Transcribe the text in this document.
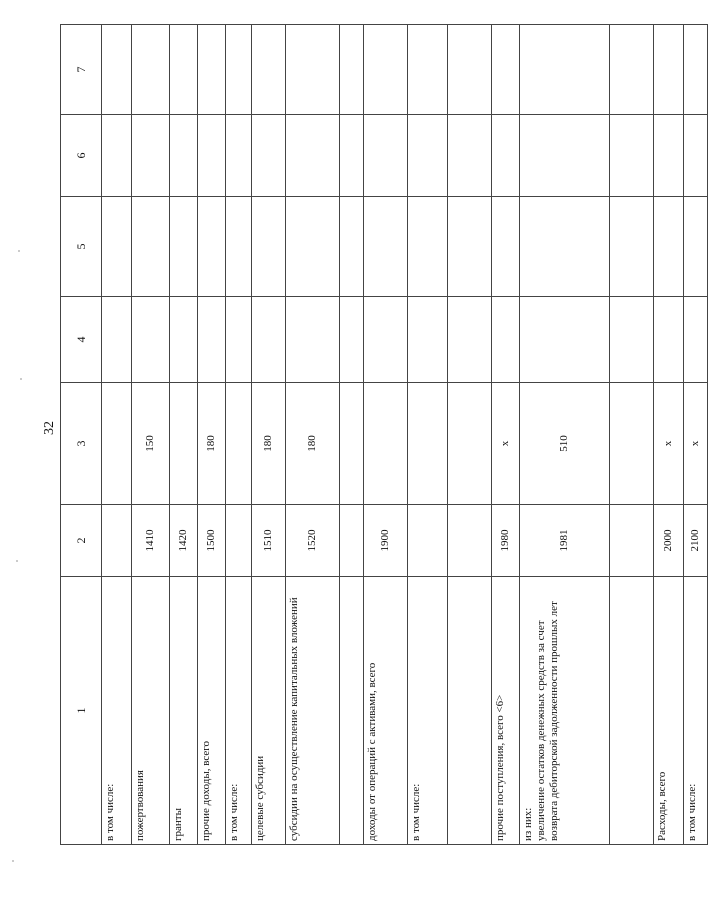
32
1	2	3	4	5	6	7
в том числе:						
пожертвования	1410	150				
гранты	1420					
прочие доходы, всего	1500	180				
в том числе:						
целевые субсидии	1510	180				
субсидии на осуществление капитальных вложений	1520	180				

доходы от операций с активами, всего	1900					
в том числе:						

прочие поступления, всего <6>	1980	x				
из них:
увеличение остатков денежных средств за счет возврата дебиторской задолженности прошлых лет	1981	510				

Расходы, всего	2000	x				
в том числе:	2100	x				
